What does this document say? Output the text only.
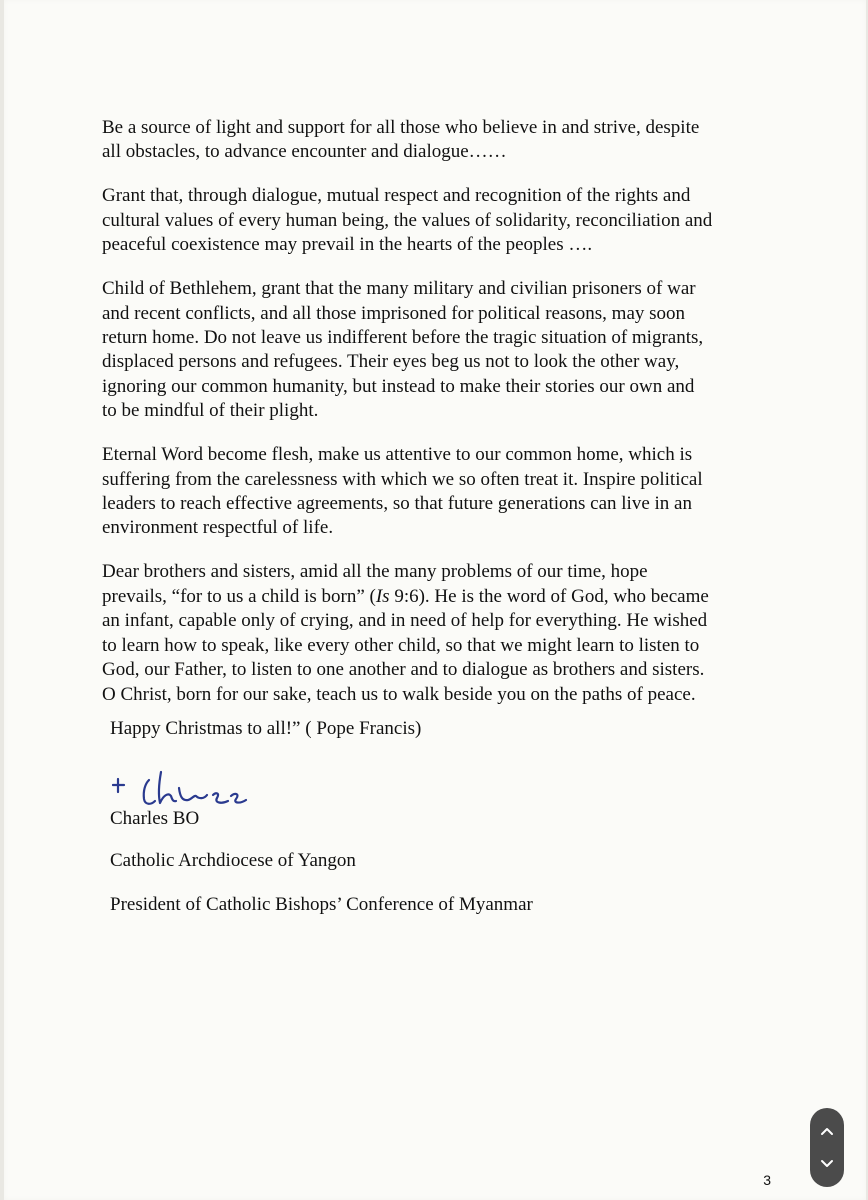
Be a source of light and support for all those who believe in and strive, despite
all obstacles, to advance encounter and dialogue……

Grant that, through dialogue, mutual respect and recognition of the rights and
cultural values of every human being, the values of solidarity, reconciliation and
peaceful coexistence may prevail in the hearts of the peoples ….

Child of Bethlehem, grant that the many military and civilian prisoners of war
and recent conflicts, and all those imprisoned for political reasons, may soon
return home. Do not leave us indifferent before the tragic situation of migrants,
displaced persons and refugees. Their eyes beg us not to look the other way,
ignoring our common humanity, but instead to make their stories our own and
to be mindful of their plight.

Eternal Word become flesh, make us attentive to our common home, which is
suffering from the carelessness with which we so often treat it. Inspire political
leaders to reach effective agreements, so that future generations can live in an
environment respectful of life.

Dear brothers and sisters, amid all the many problems of our time, hope
prevails, “for to us a child is born” (Is 9:6). He is the word of God, who became
an infant, capable only of crying, and in need of help for everything. He wished
to learn how to speak, like every other child, so that we might learn to listen to
God, our Father, to listen to one another and to dialogue as brothers and sisters.
O Christ, born for our sake, teach us to walk beside you on the paths of peace.

Happy Christmas to all!” ( Pope Francis)
Charles BO
Catholic Archdiocese of Yangon
President of Catholic Bishops’ Conference of Myanmar
3
